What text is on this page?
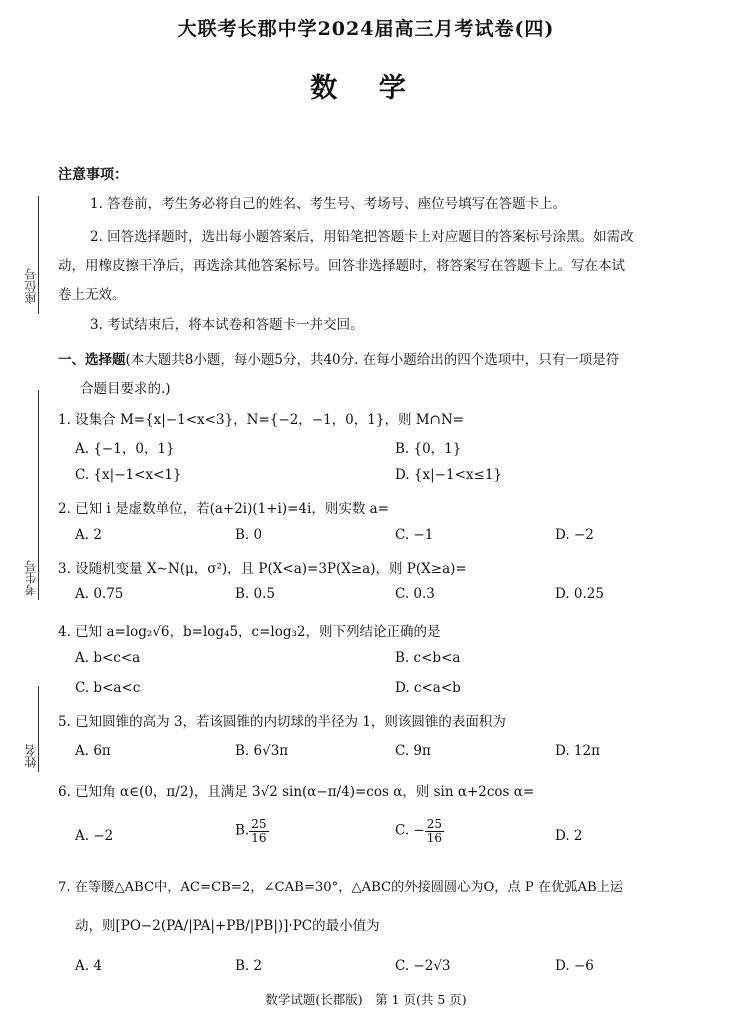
大联考长郡中学2024届高三月考试卷(四)
数 学
座位号
考生号
姓名
注意事项：
1. 答卷前，考生务必将自己的姓名、考生号、考场号、座位号填写在答题卡上。
2. 回答选择题时，选出每小题答案后，用铅笔把答题卡上对应题目的答案标号涂黑。如需改
动，用橡皮擦干净后，再选涂其他答案标号。回答非选择题时，将答案写在答题卡上。写在本试
卷上无效。
3. 考试结束后，将本试卷和答题卡一并交回。
一、选择题(本大题共8小题，每小题5分，共40分. 在每小题给出的四个选项中，只有一项是符
合题目要求的.)
1. 设集合 M={x|−1<x<3}，N={−2，−1，0，1}，则 M∩N=
A. {−1，0，1}	B. {0，1}
C. {x|−1<x<1}	D. {x|−1<x≤1}
2. 已知 i 是虚数单位，若(a+2i)(1+i)=4i，则实数 a=
A. 2	B. 0	C. −1	D. −2
3. 设随机变量 X∼N(μ，σ²)，且 P(X<a)=3P(X≥a)，则 P(X≥a)=
A. 0.75	B. 0.5	C. 0.3	D. 0.25
4. 已知 a=log₂√6，b=log₄5，c=log₃2，则下列结论正确的是
A. b<c<a	B. c<b<a
C. b<a<c	D. c<a<b
5. 已知圆锥的高为 3，若该圆锥的内切球的半径为 1，则该圆锥的表面积为
A. 6π	B. 6√3π	C. 9π	D. 12π
6. 已知角 α∈(0，π/2)，且满足 3√2 sin(α−π/4)=cos α，则 sin α+2cos α=
A. −2	B. $\frac{25}{16}$	C. − $\frac{25}{16}$	D. 2
7. 在等腰△ABC中，AC=CB=2，∠CAB=30°，△ABC的外接圆圆心为O，点 P 在优弧AB上运
动，则[PO−2(PA/|PA|+PB/|PB|)]·PC的最小值为
A. 4	B. 2	C. −2√3	D. −6
数学试题(长郡版)　第 1 页(共 5 页)
